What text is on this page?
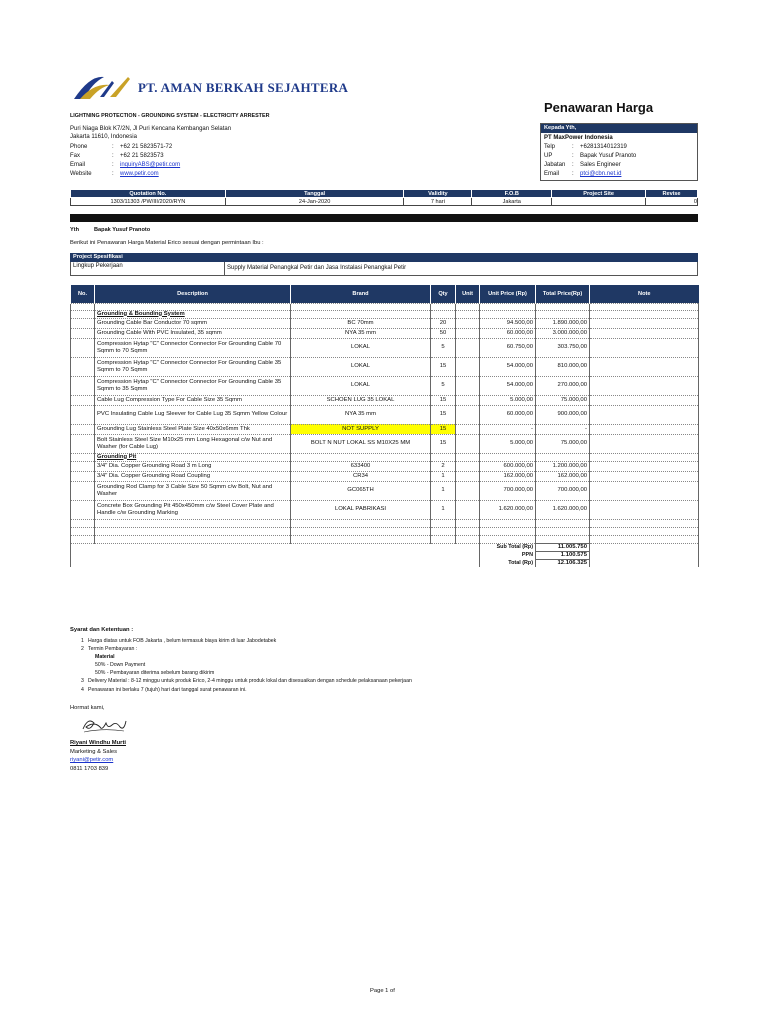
PT. AMAN BERKAH SEJAHTERA
LIGHTNING PROTECTION - GROUNDING SYSTEM - ELECTRICITY ARRESTER
Penawaran Harga
Puri Niaga Blok K7/2N, Jl Puri Kencana Kembangan Selatan
Jakarta 11610, Indonesia
Phone	: +62 21 5823571-72
Fax	: +62 21 5823573
Email	: inquiryABS@petir.com
Website	: www.petir.com
Kepada Yth,
PT MaxPower Indonesia
Telp	: +6281314012319
UP	: Bapak Yusuf Pranoto
Jabatan : Sales Engineer
Email : ptci@cbn.net.id
Quotation No.	Tanggal	Validity	F.O.B	Project Site	Revise
1303/11303 /PW/III/2020/RYN	24-Jan-2020	7 hari	Jakarta		0
Yth	Bapak Yusuf Pranoto
Berikut ini Penawaran Harga Material Erico sesuai dengan permintaan Ibu :
Project Spesifikasi
Lingkup Pekerjaan	Supply Material Penangkal Petir dan Jasa Instalasi Penangkal Petir
No.	Description	Brand	Qty	Unit	Unit Price (Rp)	Total Price(Rp)	Note

	Grounding & Bounding System						
	Grounding Cable Bar Conductor 70 sqmm	BC 70mm	20		94.500,00	1.890.000,00	
	Grounding Cable With PVC Insulated, 35 sqmm	NYA 35 mm	50		60.000,00	3.000.000,00	
	Compression Hytap "C" Connector Connector For Grounding Cable 70 Sqmm to 70 Sqmm	LOKAL	5		60.750,00	303.750,00	
	Compression Hytap "C" Connector Connector For Grounding Cable 35 Sqmm to 70 Sqmm	LOKAL	15		54.000,00	810.000,00	
	Compression Hytap "C" Connector Connector For Grounding Cable 35 Sqmm to 35 Sqmm	LOKAL	5		54.000,00	270.000,00	
	Cable Lug Compression Type For Cable Size 35 Sqmm	SCHOEN LUG 35 LOKAL	15		5.000,00	75.000,00	
	PVC Insulating Cable Lug Sleever for Cable Lug 35 Sqmm Yellow Colour	NYA 35 mm	15		60.000,00	900.000,00	
	Grounding Lug Stainless Steel Plate Size 40x50x6mm Thk	NOT SUPPLY	15		-	-	
	Bolt Stainless Steel Size M10x25 mm Long Hexagonal c/w Nut and Washer (for Cable Lug)	BOLT N NUT LOKAL SS M10X25 MM	15		5.000,00	75.000,00	
	Grounding Pit						
	3/4" Dia. Copper Grounding Road 3 m Long	633400	2		600.000,00	1.200.000,00	
	3/4" Dia. Copper Grounding Road Coupling	CR34	1		162.000,00	162.000,00	
	Grounding Rod Clamp for 3 Cable Size 50 Sqmm c/w Bolt, Nut and Washer	GC065TH	1		700.000,00	700.000,00	
	Concrete Box Grounding Pit 450x450mm c/w Steel Cover Plate and Handle c/w Grounding Marking	LOKAL PABRIKASI	1		1.620.000,00	1.620.000,00	

					Sub Total (Rp)	11.005.750	
					PPN	1.100.575	
					Total (Rp)	12.106.325	
Syarat dan Ketentuan :
1 Harga diatas untuk FOB Jakarta , belum termasuk biaya kirim di luar Jabodetabek
2 Termin Pembayaran :
Material
50% - Down Payment
50% - Pembayaran diterima sebelum barang dikirim
3 Delivery Material : 8-12 minggu untuk produk Erico, 2-4 minggu untuk produk lokal dan disesuaikan dengan schedule pelaksanaan pekerjaan
4 Penawaran ini berlaku 7 (tujuh) hari dari tanggal surat penawaran ini.
Hormat kami,
Riyani Windhu Murti
Marketing & Sales
riyani@petir.com
0811 1703 839
Page 1 of
